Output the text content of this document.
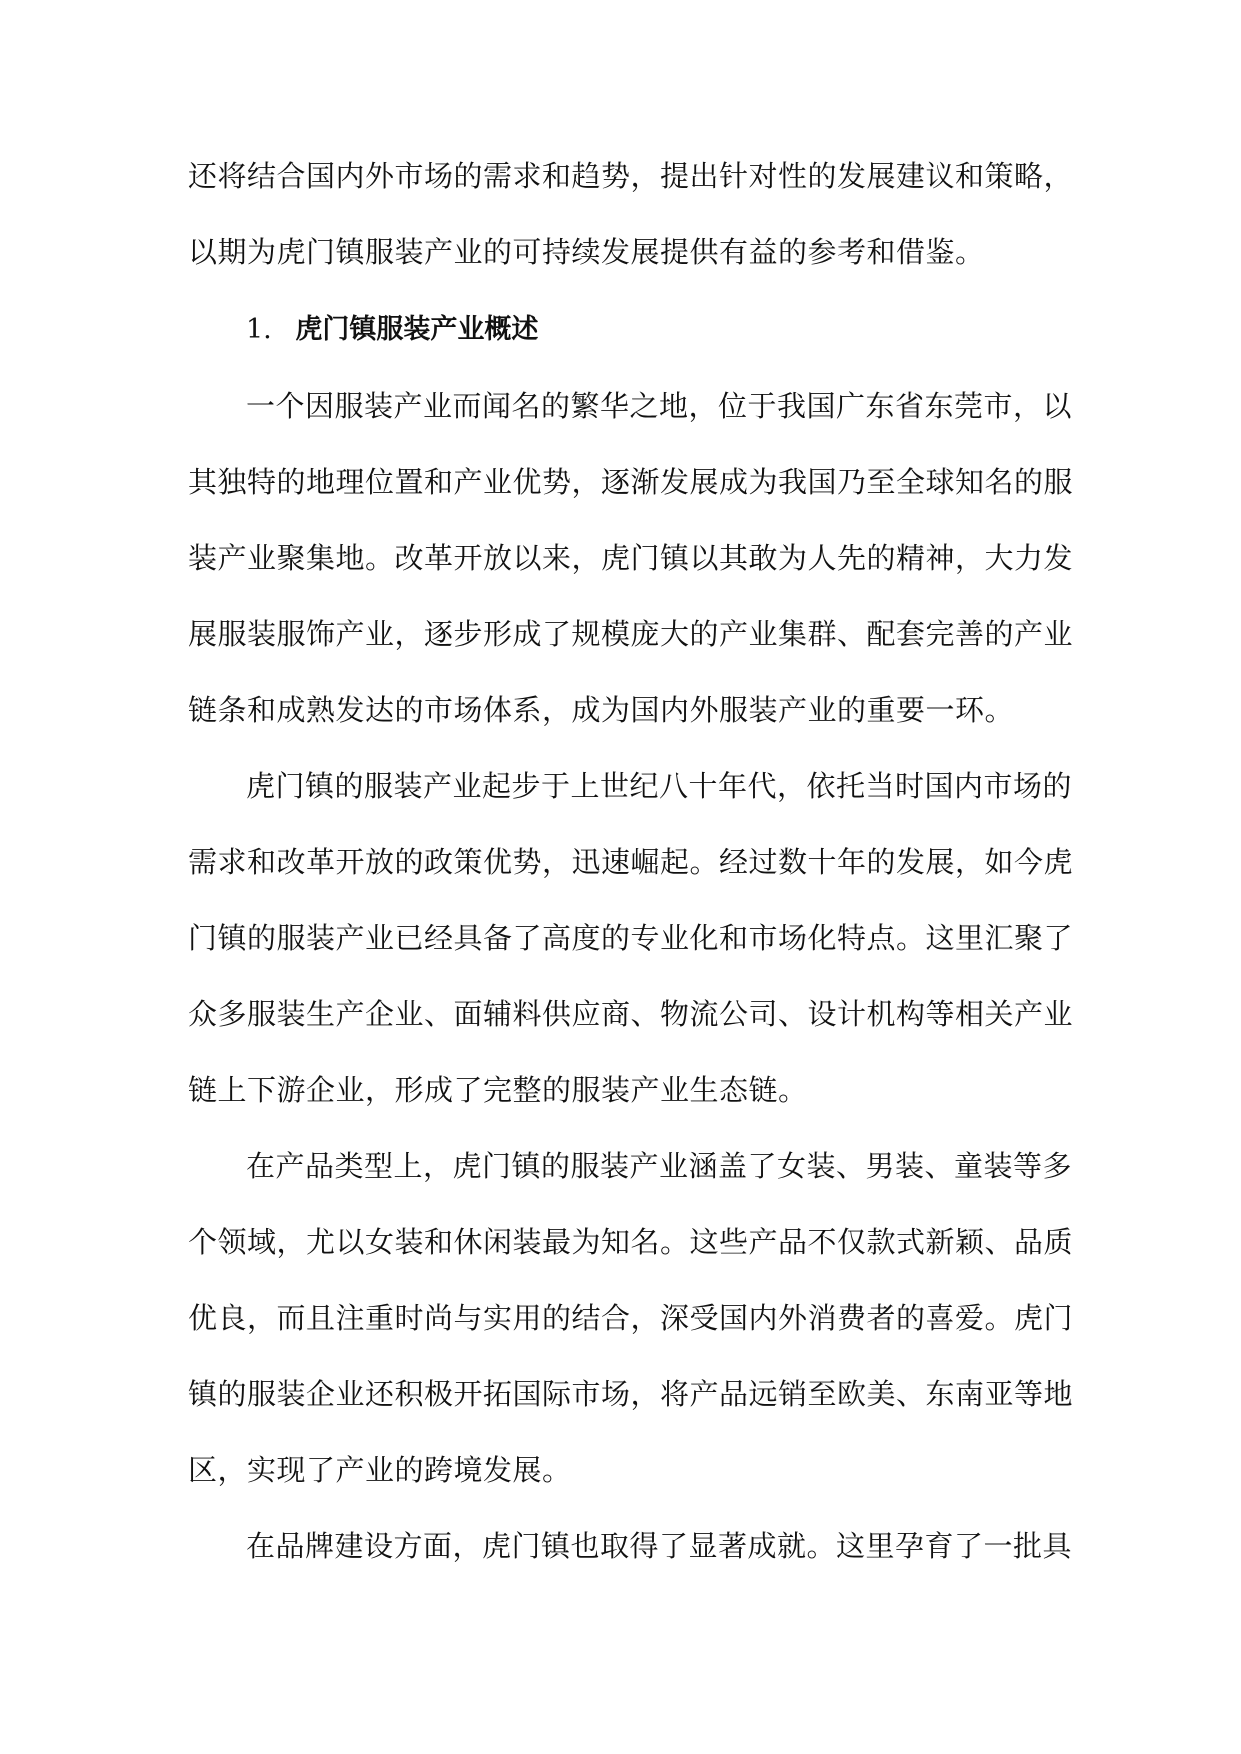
还将结合国内外市场的需求和趋势，提出针对性的发展建议和策略，
以期为虎门镇服装产业的可持续发展提供有益的参考和借鉴。
1. 虎门镇服装产业概述
一个因服装产业而闻名的繁华之地，位于我国广东省东莞市，以
其独特的地理位置和产业优势，逐渐发展成为我国乃至全球知名的服
装产业聚集地。改革开放以来，虎门镇以其敢为人先的精神，大力发
展服装服饰产业，逐步形成了规模庞大的产业集群、配套完善的产业
链条和成熟发达的市场体系，成为国内外服装产业的重要一环。
虎门镇的服装产业起步于上世纪八十年代，依托当时国内市场的
需求和改革开放的政策优势，迅速崛起。经过数十年的发展，如今虎
门镇的服装产业已经具备了高度的专业化和市场化特点。这里汇聚了
众多服装生产企业、面辅料供应商、物流公司、设计机构等相关产业
链上下游企业，形成了完整的服装产业生态链。
在产品类型上，虎门镇的服装产业涵盖了女装、男装、童装等多
个领域，尤以女装和休闲装最为知名。这些产品不仅款式新颖、品质
优良，而且注重时尚与实用的结合，深受国内外消费者的喜爱。虎门
镇的服装企业还积极开拓国际市场，将产品远销至欧美、东南亚等地
区，实现了产业的跨境发展。
在品牌建设方面，虎门镇也取得了显著成就。这里孕育了一批具
